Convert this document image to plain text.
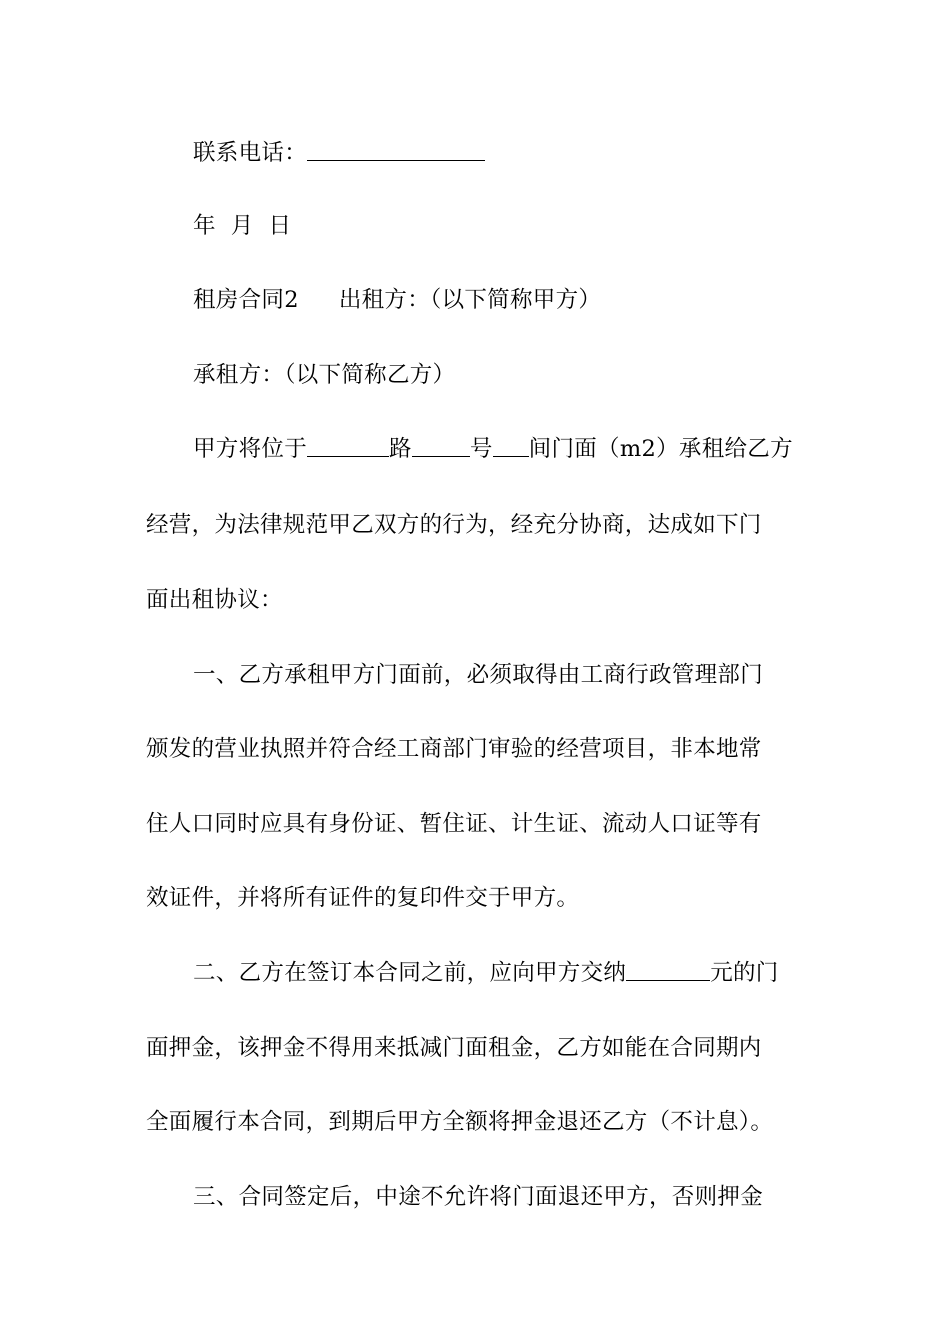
联系电话：
年 月 日
租房合同2 出租方：（以下简称甲方）
承租方：（以下简称乙方）
甲方将位于	路	号 间门面（m2）承租给乙方
经营，为法律规范甲乙双方的行为，经充分协商，达成如下门
面出租协议：
一、乙方承租甲方门面前，必须取得由工商行政管理部门
颁发的营业执照并符合经工商部门审验的经营项目，非本地常
住人口同时应具有身份证、暂住证、计生证、流动人口证等有
效证件，并将所有证件的复印件交于甲方。
二、乙方在签订本合同之前，应向甲方交纳	元的门
面押金，该押金不得用来抵减门面租金，乙方如能在合同期内
全面履行本合同，到期后甲方全额将押金退还乙方（不计息）。
三、合同签定后，中途不允许将门面退还甲方，否则押金
